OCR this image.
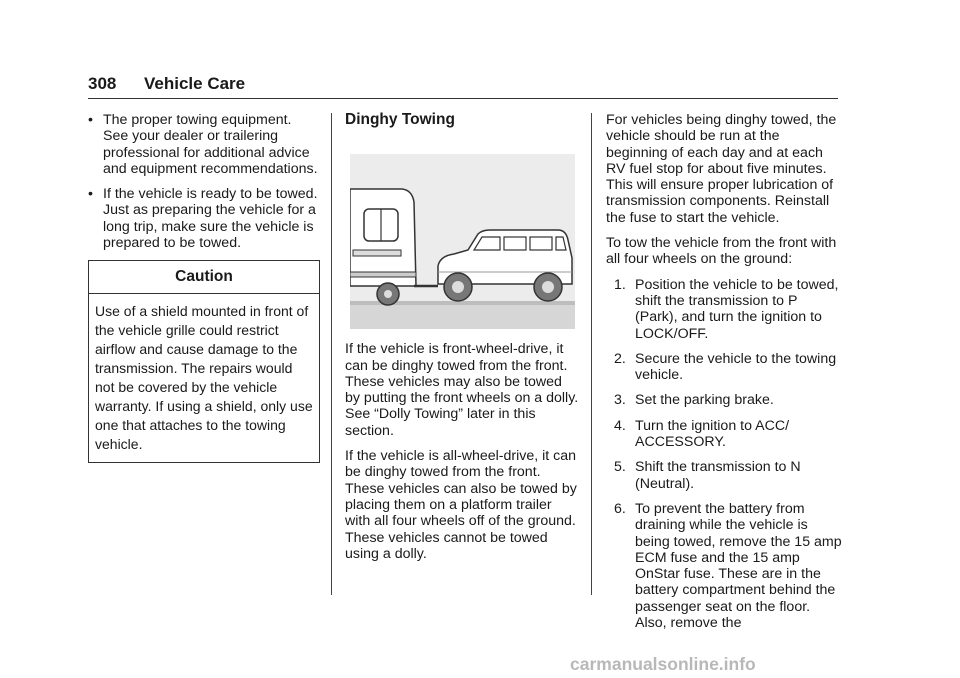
308 Vehicle Care
• The proper towing equipment. See your dealer or trailering professional for additional advice and equipment recommendations.
• If the vehicle is ready to be towed. Just as preparing the vehicle for a long trip, make sure the vehicle is prepared to be towed.
Caution
Use of a shield mounted in front of the vehicle grille could restrict airflow and cause damage to the transmission. The repairs would not be covered by the vehicle warranty. If using a shield, only use one that attaches to the towing vehicle.
Dinghy Towing

If the vehicle is front-wheel-drive, it can be dinghy towed from the front. These vehicles may also be towed by putting the front wheels on a dolly. See “Dolly Towing” later in this section.

If the vehicle is all-wheel-drive, it can be dinghy towed from the front. These vehicles can also be towed by placing them on a platform trailer with all four wheels off of the ground. These vehicles cannot be towed using a dolly.

For vehicles being dinghy towed, the vehicle should be run at the beginning of each day and at each RV fuel stop for about five minutes. This will ensure proper lubrication of transmission components. Reinstall the fuse to start the vehicle.

To tow the vehicle from the front with all four wheels on the ground:

1. Position the vehicle to be towed, shift the transmission to P (Park), and turn the ignition to LOCK/OFF.
2. Secure the vehicle to the towing vehicle.
3. Set the parking brake.
4. Turn the ignition to ACC/ ACCESSORY.
5. Shift the transmission to N (Neutral).
6. To prevent the battery from draining while the vehicle is being towed, remove the 15 amp ECM fuse and the 15 amp OnStar fuse. These are in the battery compartment behind the passenger seat on the floor. Also, remove the
carmanualsonline.info
